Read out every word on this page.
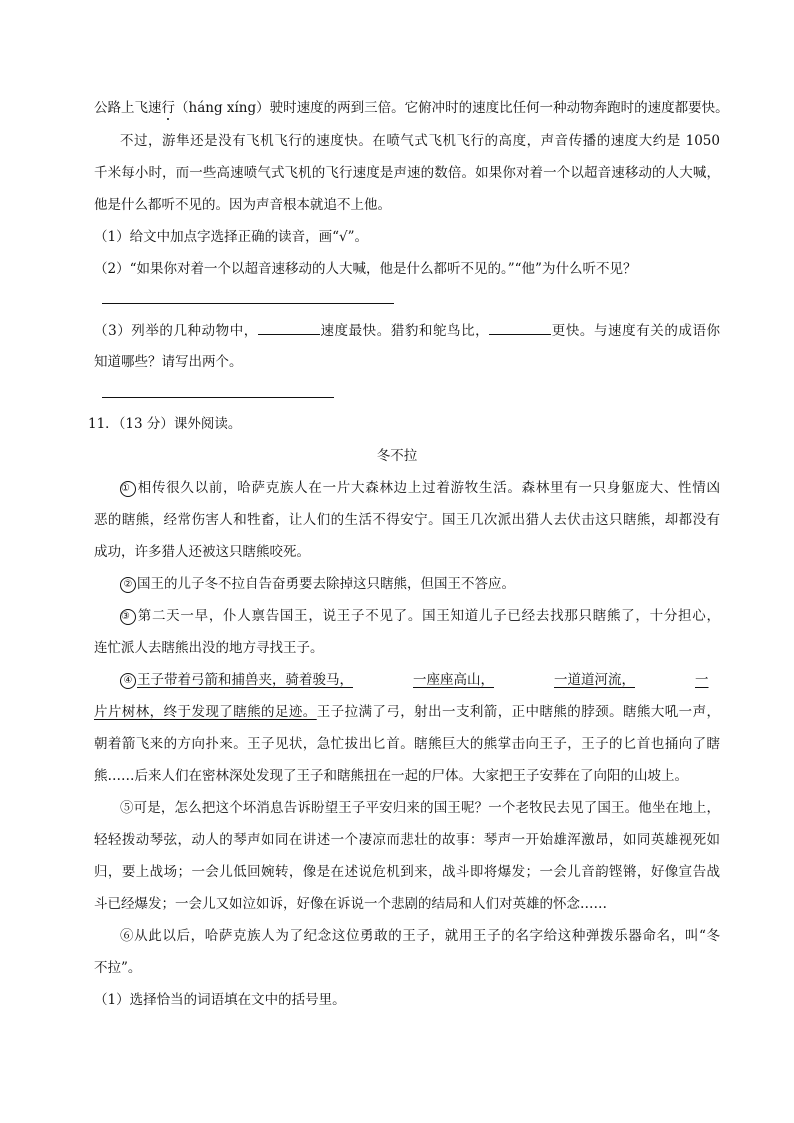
公路上飞速行（háng xíng）驶时速度的两到三倍。它俯冲时的速度比任何一种动物奔跑时的速度都要快。
不过，游隼还是没有飞机飞行的速度快。在喷气式飞机飞行的高度，声音传播的速度大约是 1050
千米每小时，而一些高速喷气式飞机的飞行速度是声速的数倍。如果你对着一个以超音速移动的人大喊，
他是什么都听不见的。因为声音根本就追不上他。
（1）给文中加点字选择正确的读音，画“√”。
（2）“如果你对着一个以超音速移动的人大喊，他是什么都听不见的。”“他”为什么听不见？
（3）列举的几种动物中，	速度最快。猎豹和鸵鸟比，	更快。与速度有关的成语你
知道哪些？请写出两个。
11．（13 分）课外阅读。
冬不拉
① 相传很久以前，哈萨克族人在一片大森林边上过着游牧生活。森林里有一只身躯庞大、性情凶
恶的瞎熊，经常伤害人和牲畜，让人们的生活不得安宁。国王几次派出猎人去伏击这只瞎熊，却都没有
成功，许多猎人还被这只瞎熊咬死。
② 国王的儿子冬不拉自告奋勇要去除掉这只瞎熊，但国王不答应。
③ 第二天一早，仆人禀告国王，说王子不见了。国王知道儿子已经去找那只瞎熊了，十分担心，
连忙派人去瞎熊出没的地方寻找王子。
④ 王子带着弓箭和捕兽夹，骑着骏马，	一座座高山，	一道道河流，	一
片片树林，终于发现了瞎熊的足迹。王子拉满了弓，射出一支利箭，正中瞎熊的脖颈。瞎熊大吼一声，
朝着箭飞来的方向扑来。王子见状，急忙拔出匕首。瞎熊巨大的熊掌击向王子，王子的匕首也捅向了瞎
熊……后来人们在密林深处发现了王子和瞎熊扭在一起的尸体。大家把王子安葬在了向阳的山坡上。
⑤可是，怎么把这个坏消息告诉盼望王子平安归来的国王呢？一个老牧民去见了国王。他坐在地上，
轻轻拨动琴弦，动人的琴声如同在讲述一个凄凉而悲壮的故事：琴声一开始雄浑激昂，如同英雄视死如
归，要上战场；一会儿低回婉转，像是在述说危机到来，战斗即将爆发；一会儿音韵铿锵，好像宣告战
斗已经爆发；一会儿又如泣如诉，好像在诉说一个悲剧的结局和人们对英雄的怀念……
⑥从此以后，哈萨克族人为了纪念这位勇敢的王子，就用王子的名字给这种弹拨乐器命名，叫“冬
不拉”。
（1）选择恰当的词语填在文中的括号里。
